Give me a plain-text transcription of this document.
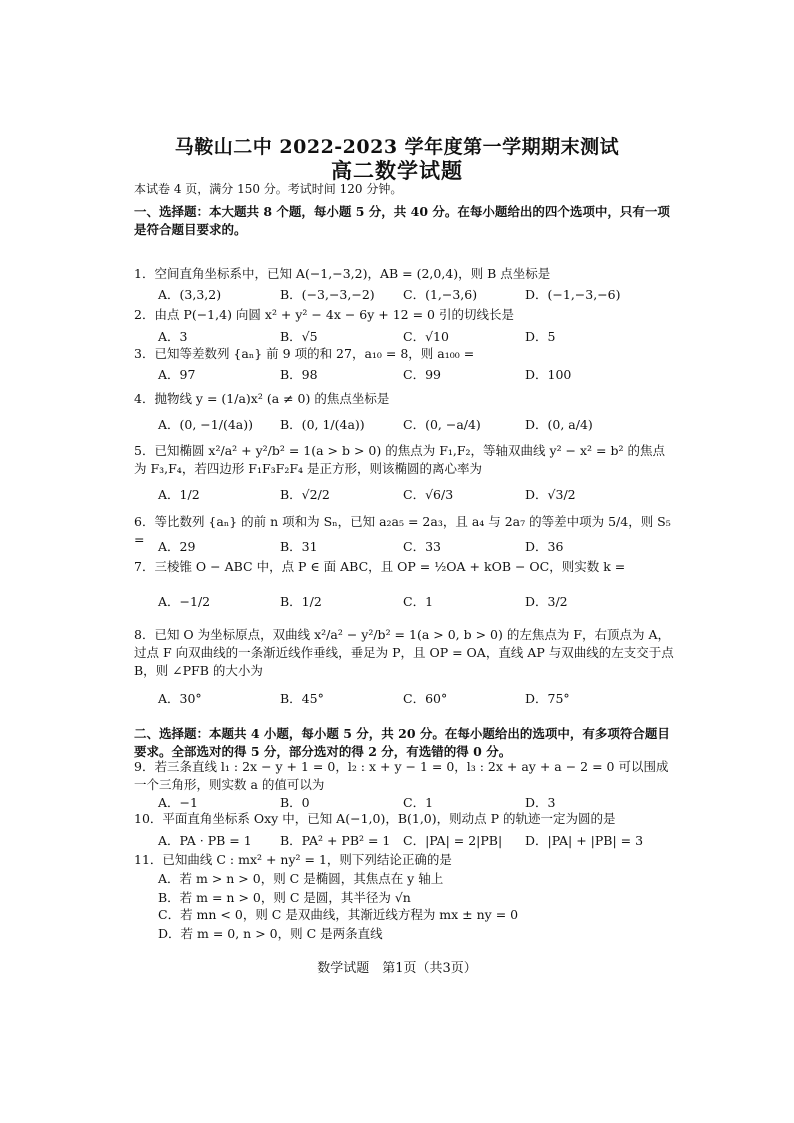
马鞍山二中 2022-2023 学年度第一学期期末测试
高二数学试题
本试卷 4 页，满分 150 分。考试时间 120 分钟。
一、选择题：本大题共 8 个题，每小题 5 分，共 40 分。在每小题给出的四个选项中，只有一项是符合题目要求的。
1．空间直角坐标系中，已知 A(−1,−3,2)，AB = (2,0,4)，则 B 点坐标是
A．(3,3,2)	B．(−3,−3,−2) C．(1,−3,6)	D．(−1,−3,−6)
2．由点 P(−1,4) 向圆 x² + y² − 4x − 6y + 12 = 0 引的切线长是
A．3	B．√5	C．√10	D．5
3．已知等差数列 {aₙ} 前 9 项的和 27，a₁₀ = 8，则 a₁₀₀ =
A．97	B．98	C．99	D．100
4．抛物线 y = (1/a)x² (a ≠ 0) 的焦点坐标是
A．(0, −1/(4a)) B．(0, 1/(4a))	C．(0, −a/4)	D．(0, a/4)
5．已知椭圆 x²/a² + y²/b² = 1(a > b > 0) 的焦点为 F₁,F₂，等轴双曲线 y² − x² = b² 的焦点为 F₃,F₄，若四边形 F₁F₃F₂F₄ 是正方形，则该椭圆的离心率为
A．1/2	B．√2/2	C．√6/3	D．√3/2
6．等比数列 {aₙ} 的前 n 项和为 Sₙ，已知 a₂a₅ = 2a₃，且 a₄ 与 2a₇ 的等差中项为 5/4，则 S₅ =	A．29	B．31	C．33	D．36
7．三棱锥 O − ABC 中，点 P ∈ 面 ABC，且 OP = ½OA + kOB − OC，则实数 k =
A．−1/2	B．1/2	C．1	D．3/2
8．已知 O 为坐标原点，双曲线 x²/a² − y²/b² = 1(a > 0, b > 0) 的左焦点为 F，右顶点为 A，过点 F 向双曲线的一条渐近线作垂线，垂足为 P，且 OP = OA，直线 AP 与双曲线的左支交于点 B，则 ∠PFB 的大小为
A．30°	B．45°	C．60°	D．75°
二、选择题：本题共 4 小题，每小题 5 分，共 20 分。在每小题给出的选项中，有多项符合题目要求。全部选对的得 5 分，部分选对的得 2 分，有选错的得 0 分。
9．若三条直线 l₁ : 2x − y + 1 = 0，l₂ : x + y − 1 = 0，l₃ : 2x + ay + a − 2 = 0 可以围成一个三角形，则实数 a 的值可以为
A．−1	B．0	C．1	D．3
10．平面直角坐标系 Oxy 中，已知 A(−1,0)，B(1,0)，则动点 P 的轨迹一定为圆的是
A．PA · PB = 1 B．PA² + PB² = 1 C．|PA| = 2|PB| D．|PA| + |PB| = 3
11．已知曲线 C : mx² + ny² = 1，则下列结论正确的是
A．若 m > n > 0，则 C 是椭圆，其焦点在 y 轴上
B．若 m = n > 0，则 C 是圆，其半径为 √n
C．若 mn < 0，则 C 是双曲线，其渐近线方程为 mx ± ny = 0
D．若 m = 0, n > 0，则 C 是两条直线
数学试题　第1页（共3页）
